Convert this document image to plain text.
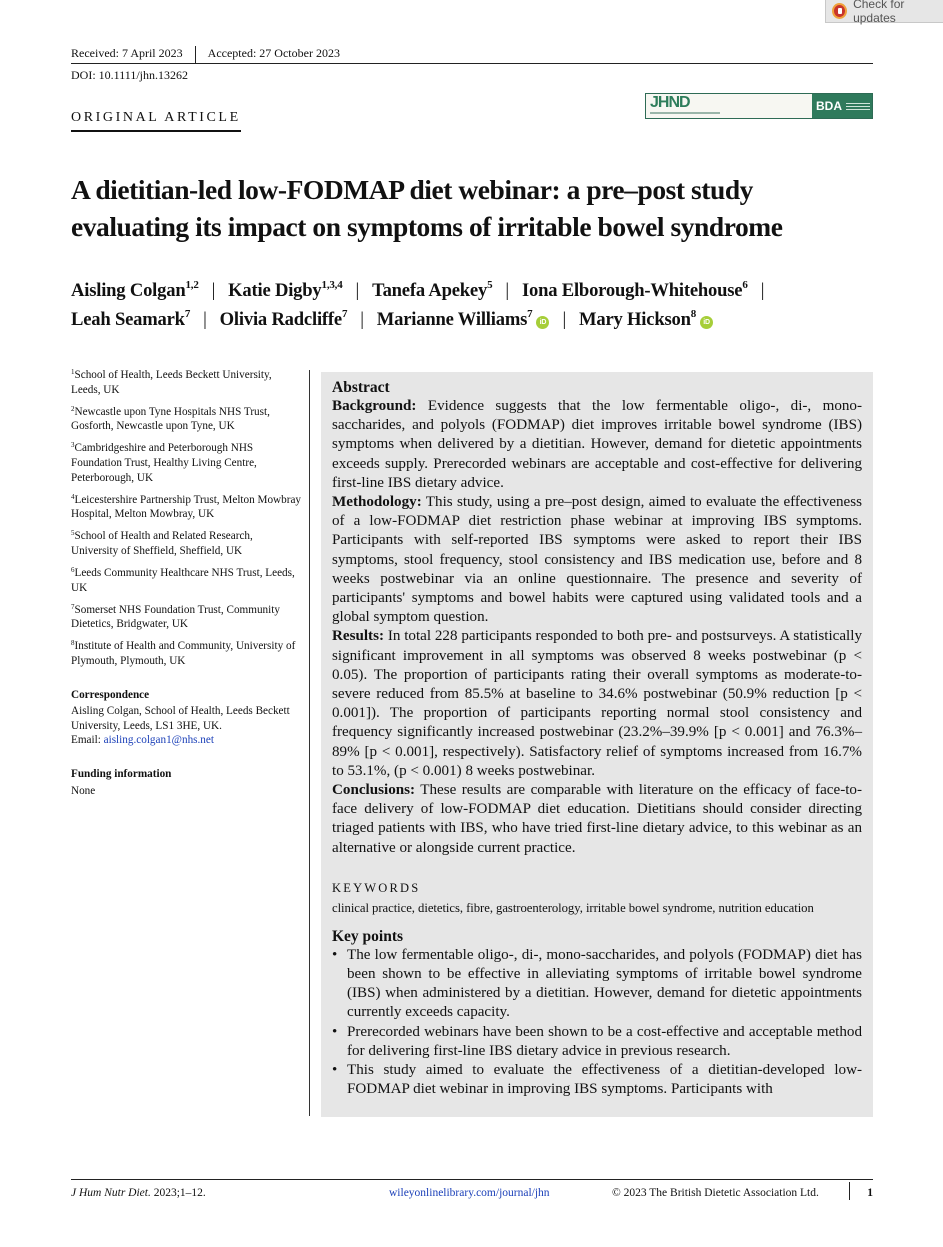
Check for updates
Received: 7 April 2023	Accepted: 27 October 2023
DOI: 10.1111/jhn.13262
ORIGINAL ARTICLE
JHND	BDA
A dietitian-led low-FODMAP diet webinar: a pre–post study
evaluating its impact on symptoms of irritable bowel syndrome
Aisling Colgan$^{1,2}$ | Katie Digby$^{1,3,4}$ | Tanefa Apekey$^5$ | Iona Elborough-Whitehouse$^6$ |
Leah Seamark$^7$ | Olivia Radcliffe$^7$ | Marianne Williams$^7$iD | Mary Hickson$^8$iD
$^1$School of Health, Leeds Beckett University, Leeds, UK
$^2$Newcastle upon Tyne Hospitals NHS Trust, Gosforth, Newcastle upon Tyne, UK
$^3$Cambridgeshire and Peterborough NHS Foundation Trust, Healthy Living Centre, Peterborough, UK
$^4$Leicestershire Partnership Trust, Melton Mowbray Hospital, Melton Mowbray, UK
$^5$School of Health and Related Research, University of Sheffield, Sheffield, UK
$^6$Leeds Community Healthcare NHS Trust, Leeds, UK
$^7$Somerset NHS Foundation Trust, Community Dietetics, Bridgwater, UK
$^8$Institute of Health and Community, University of Plymouth, Plymouth, UK
Correspondence
Aisling Colgan, School of Health, Leeds Beckett University, Leeds, LS1 3HE, UK.
Email: aisling.colgan1@nhs.net
Funding information
None
Abstract

Background: Evidence suggests that the low fermentable oligo-, di-, mono-saccharides, and polyols (FODMAP) diet improves irritable bowel syndrome (IBS) symptoms when delivered by a dietitian. However, demand for dietetic appointments exceeds supply. Prerecorded webinars are acceptable and cost-effective for delivering first-line IBS dietary advice.

Methodology: This study, using a pre–post design, aimed to evaluate the effectiveness of a low-FODMAP diet restriction phase webinar at improving IBS symptoms. Participants with self-reported IBS symptoms were asked to report their IBS symptoms, stool frequency, stool consistency and IBS medication use, before and 8 weeks postwebinar via an online questionnaire. The presence and severity of participants' symptoms and bowel habits were captured using validated tools and a global symptom question.

Results: In total 228 participants responded to both pre- and postsurveys. A statistically significant improvement in all symptoms was observed 8 weeks postwebinar (p < 0.05). The proportion of participants rating their overall symptoms as moderate-to-severe reduced from 85.5% at baseline to 34.6% postwebinar (50.9% reduction [p < 0.001]). The proportion of participants reporting normal stool consistency and frequency significantly increased postwebinar (23.2%–39.9% [p < 0.001] and 76.3%–89% [p < 0.001], respectively). Satisfactory relief of symptoms increased from 16.7% to 53.1%, (p < 0.001) 8 weeks postwebinar.

Conclusions: These results are comparable with literature on the efficacy of face-to-face delivery of low-FODMAP diet education. Dietitians should consider directing triaged patients with IBS, who have tried first-line dietary advice, to this webinar as an alternative or alongside current practice.

KEYWORDS
clinical practice, dietetics, fibre, gastroenterology, irritable bowel syndrome, nutrition education
Key points
• The low fermentable oligo-, di-, mono-saccharides, and polyols (FODMAP) diet has been shown to be effective in alleviating symptoms of irritable bowel syndrome (IBS) when administered by a dietitian. However, demand for dietetic appointments currently exceeds capacity.
• Prerecorded webinars have been shown to be a cost-effective and acceptable method for delivering first-line IBS dietary advice in previous research.
• This study aimed to evaluate the effectiveness of a dietitian-developed low-FODMAP diet webinar in improving IBS symptoms. Participants with
J Hum Nutr Diet. 2023;1–12.	wileyonlinelibrary.com/journal/jhn	© 2023 The British Dietetic Association Ltd.	1
